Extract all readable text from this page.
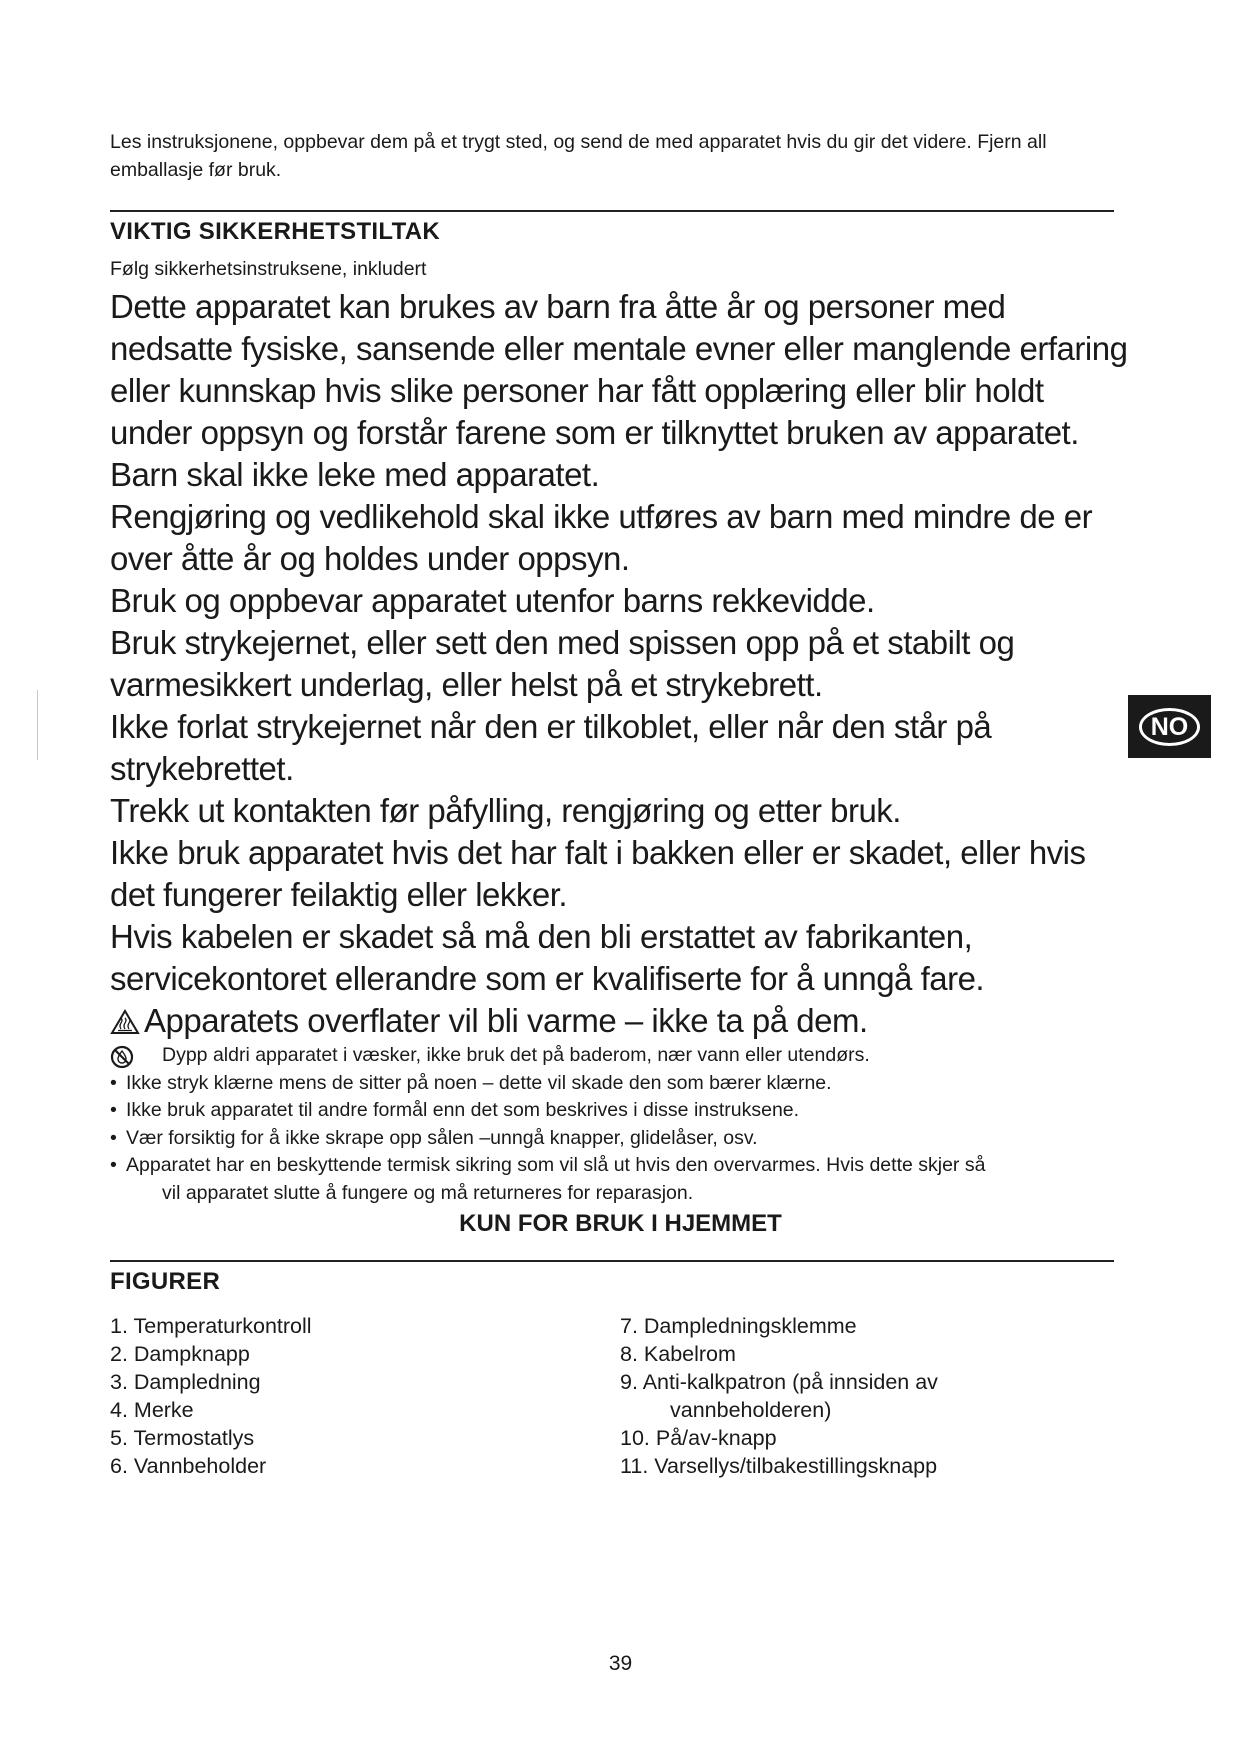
Les instruksjonene, oppbevar dem på et trygt sted, og send de med apparatet hvis du gir det videre. Fjern all emballasje før bruk.
VIKTIG SIKKERHETSTILTAK
Følg sikkerhetsinstruksene, inkludert

Dette apparatet kan brukes av barn fra åtte år og personer med nedsatte fysiske, sansende eller mentale evner eller manglende erfaring eller kunnskap hvis slike personer har fått opplæring eller blir holdt under oppsyn og forstår farene som er tilknyttet bruken av apparatet.

Barn skal ikke leke med apparatet.

Rengjøring og vedlikehold skal ikke utføres av barn med mindre de er over åtte år og holdes under oppsyn.

Bruk og oppbevar apparatet utenfor barns rekkevidde.

Bruk strykejernet, eller sett den med spissen opp på et stabilt og varmesikkert underlag, eller helst på et strykebrett.

Ikke forlat strykejernet når den er tilkoblet, eller når den står på strykebrettet.

Trekk ut kontakten før påfylling, rengjøring og etter bruk.

Ikke bruk apparatet hvis det har falt i bakken eller er skadet, eller hvis det fungerer feilaktig eller lekker.

Hvis kabelen er skadet så må den bli erstattet av fabrikanten, servicekontoret ellerandre som er kvalifiserte for å unngå fare.

Apparatets overflater vil bli varme – ikke ta på dem.

Dypp aldri apparatet i væsker, ikke bruk det på baderom, nær vann eller utendørs.
• Ikke stryk klærne mens de sitter på noen – dette vil skade den som bærer klærne.
• Ikke bruk apparatet til andre formål enn det som beskrives i disse instruksene.
• Vær forsiktig for å ikke skrape opp sålen –unngå knapper, glidelåser, osv.
• Apparatet har en beskyttende termisk sikring som vil slå ut hvis den overvarmes. Hvis dette skjer så
vil apparatet slutte å fungere og må returneres for reparasjon.
KUN FOR BRUK I HJEMMET
FIGURER
1. Temperaturkontroll
2. Dampknapp
3. Dampledning
4. Merke
5. Termostatlys
6. Vannbeholder
7. Dampledningsklemme
8. Kabelrom
9. Anti-kalkpatron (på innsiden av
vannbeholderen)
10. På/av-knapp
11. Varsellys/tilbakestillingsknapp
NO
39
